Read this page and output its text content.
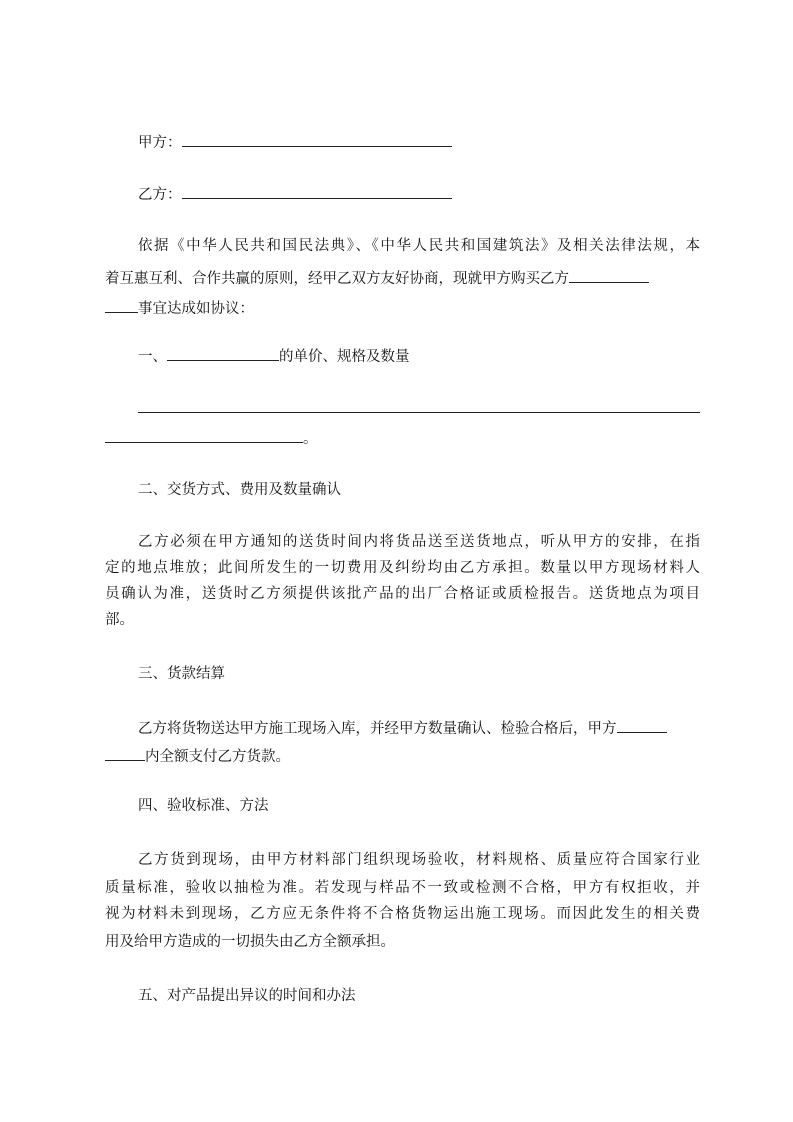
甲方：
乙方：
依据《中华人民共和国民法典》、《中华人民共和国建筑法》及相关法律法规，本
着互惠互利、合作共赢的原则，经甲乙双方友好协商，现就甲方购买乙方
事宜达成如协议：
一、	的单价、规格及数量
。
二、交货方式、费用及数量确认
乙方必须在甲方通知的送货时间内将货品送至送货地点，听从甲方的安排，在指
定的地点堆放；此间所发生的一切费用及纠纷均由乙方承担。数量以甲方现场材料人
员确认为准，送货时乙方须提供该批产品的出厂合格证或质检报告。送货地点为项目
部。
三、货款结算
乙方将货物送达甲方施工现场入库，并经甲方数量确认、检验合格后，甲方
内全额支付乙方货款。
四、验收标准、方法
乙方货到现场，由甲方材料部门组织现场验收，材料规格、质量应符合国家行业
质量标准，验收以抽检为准。若发现与样品不一致或检测不合格，甲方有权拒收，并
视为材料未到现场，乙方应无条件将不合格货物运出施工现场。而因此发生的相关费
用及给甲方造成的一切损失由乙方全额承担。
五、对产品提出异议的时间和办法
